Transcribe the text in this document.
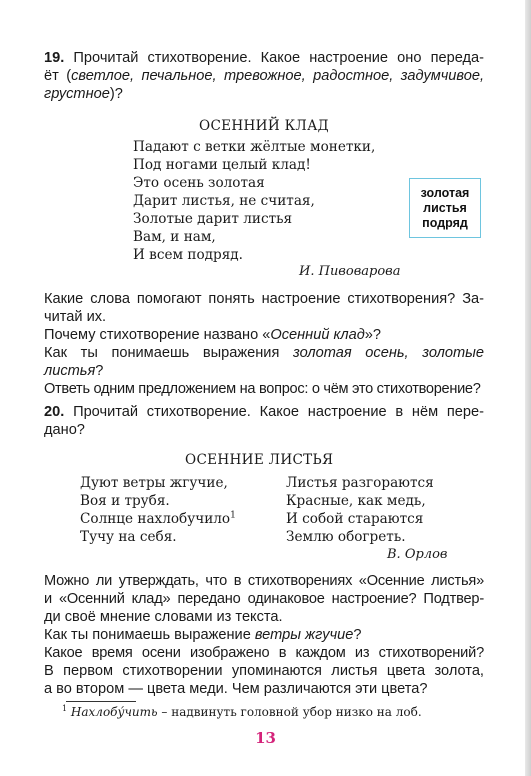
19. Прочитай стихотворение. Какое настроение оно переда-

ёт (светлое, печальное, тревожное, радостное, задумчивое,

грустное)?

ОСЕННИЙ КЛАД
Падают с ветки жёлтые монетки,
Под ногами целый клад!
Это осень золотая
Дарит листья, не считая,
Золотые дарит листья
Вам, и нам,
И всем подряд.
золотая
листья
подряд
И. Пивоварова

Какие слова помогают понять настроение стихотворения? За-

читай их.

Почему стихотворение названо «Осенний клад»?

Как ты понимаешь выражения золотая осень, золотые

листья?

Ответь одним предложением на вопрос: о чём это стихотворение?

20. Прочитай стихотворение. Какое настроение в нём пере-

дано?

ОСЕННИЕ ЛИСТЬЯ
Дуют ветры жгучие,
Воя и трубя.
Солнце нахлобучило$^1$
Тучу на себя.
Листья разгораются
Красные, как медь,
И собой стараются
Землю обогреть.
В. Орлов

Можно ли утверждать, что в стихотворениях «Осенние листья»

и «Осенний клад» передано одинаковое настроение? Подтвер-

ди своё мнение словами из текста.

Как ты понимаешь выражение ветры жгучие?

Какое время осени изображено в каждом из стихотворений?

В первом стихотворении упоминаются листья цвета золота,

а во втором — цвета меди. Чем различаются эти цвета?

$^1$ Нахлобу́чить – надвинуть головной убор низко на лоб.
13
